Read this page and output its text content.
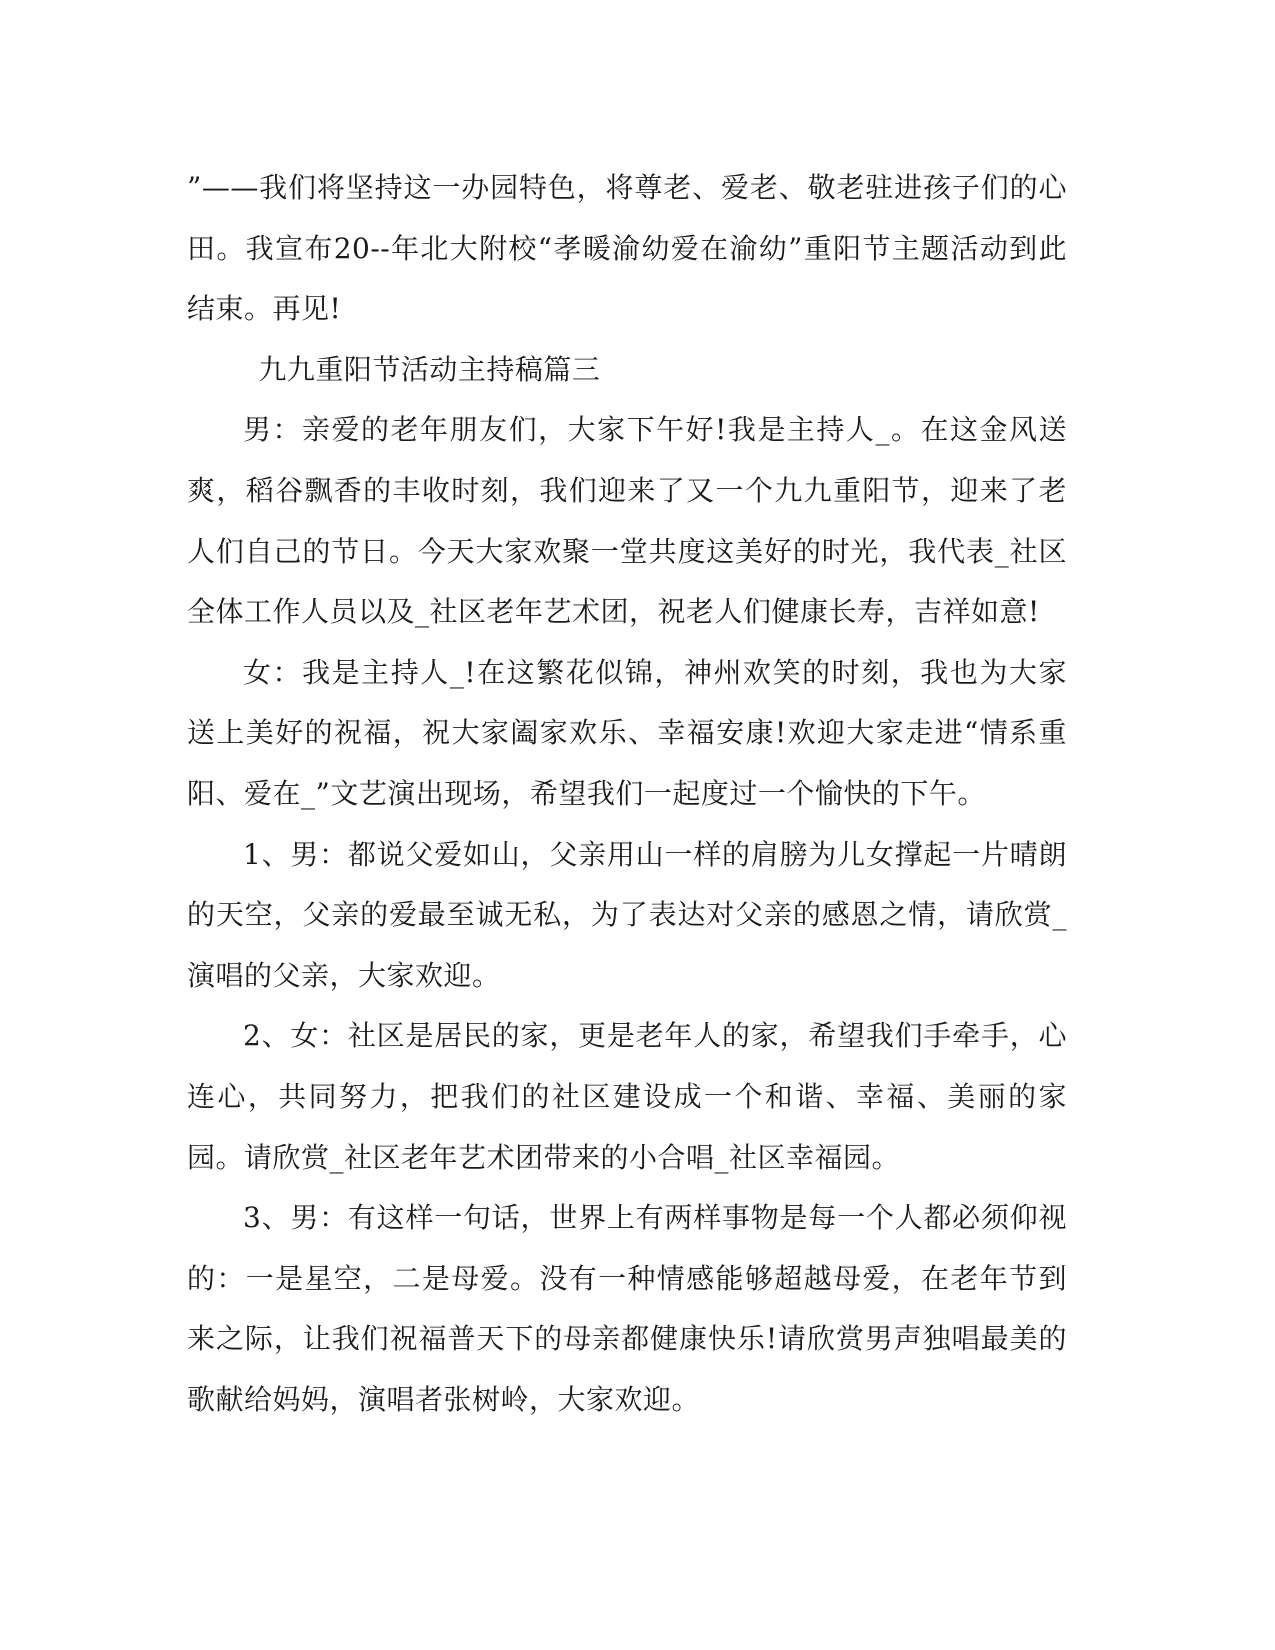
”——我们将坚持这一办园特色，将尊老、爱老、敬老驻进孩子们的心田。我宣布20--年北大附校“孝暖渝幼爱在渝幼”重阳节主题活动到此结束。再见!

九九重阳节活动主持稿篇三

男：亲爱的老年朋友们，大家下午好!我是主持人_。在这金风送爽，稻谷飘香的丰收时刻，我们迎来了又一个九九重阳节，迎来了老人们自己的节日。今天大家欢聚一堂共度这美好的时光，我代表_社区全体工作人员以及_社区老年艺术团，祝老人们健康长寿，吉祥如意!

女：我是主持人_!在这繁花似锦，神州欢笑的时刻，我也为大家送上美好的祝福，祝大家阖家欢乐、幸福安康!欢迎大家走进“情系重阳、爱在_”文艺演出现场，希望我们一起度过一个愉快的下午。

1、男：都说父爱如山，父亲用山一样的肩膀为儿女撑起一片晴朗的天空，父亲的爱最至诚无私，为了表达对父亲的感恩之情，请欣赏_演唱的父亲，大家欢迎。

2、女：社区是居民的家，更是老年人的家，希望我们手牵手，心连心，共同努力，把我们的社区建设成一个和谐、幸福、美丽的家园。请欣赏_社区老年艺术团带来的小合唱_社区幸福园。

3、男：有这样一句话，世界上有两样事物是每一个人都必须仰视的：一是星空，二是母爱。没有一种情感能够超越母爱，在老年节到来之际，让我们祝福普天下的母亲都健康快乐!请欣赏男声独唱最美的歌献给妈妈，演唱者张树岭，大家欢迎。
